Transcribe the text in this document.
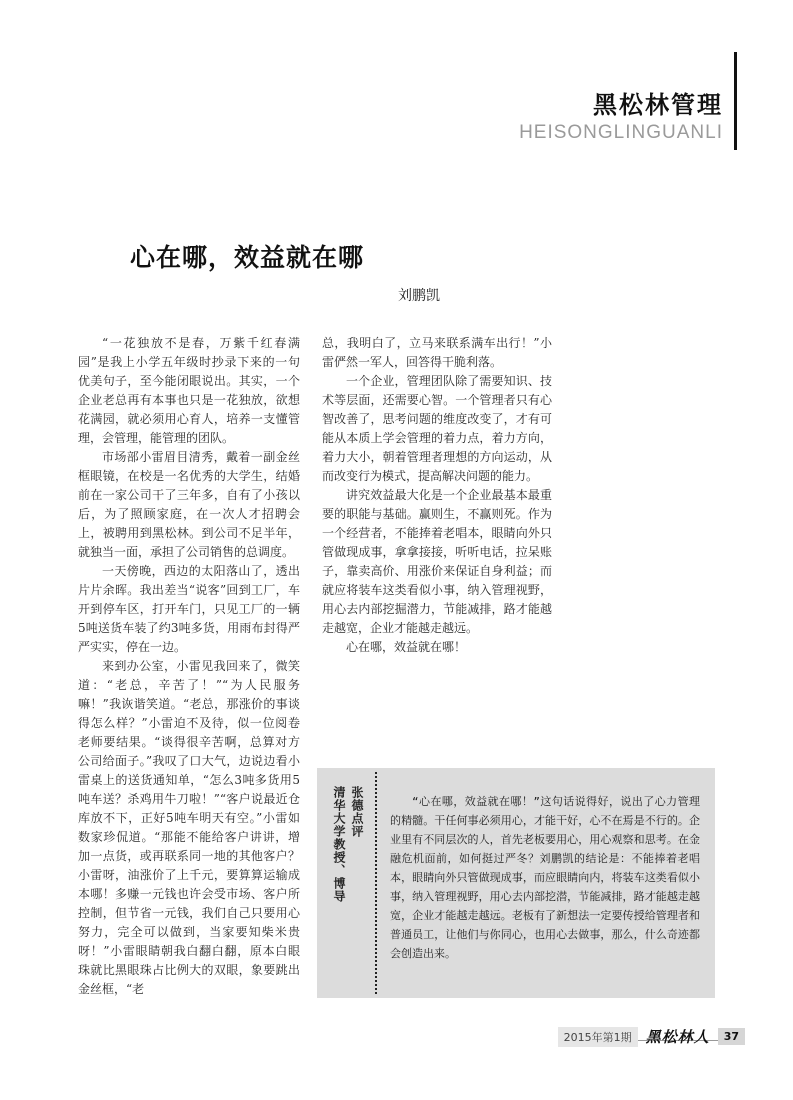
黑松林管理
HEISONGLINGUANLI
心在哪，效益就在哪
刘鹏凯

“一花独放不是春，万紫千红春满园”是我上小学五年级时抄录下来的一句优美句子，至今能闭眼说出。其实，一个企业老总再有本事也只是一花独放，欲想花满园，就必须用心育人，培养一支懂管理，会管理，能管理的团队。

市场部小雷眉目清秀，戴着一副金丝框眼镜，在校是一名优秀的大学生，结婚前在一家公司干了三年多，自有了小孩以后，为了照顾家庭，在一次人才招聘会上，被聘用到黑松林。到公司不足半年，就独当一面，承担了公司销售的总调度。

一天傍晚，西边的太阳落山了，透出片片余晖。我出差当“说客”回到工厂，车开到停车区，打开车门，只见工厂的一辆5吨送货车装了约3吨多货，用雨布封得严严实实，停在一边。

来到办公室，小雷见我回来了，微笑道：“老总，辛苦了！”“为人民服务嘛！”我诙谐笑道。“老总，那涨价的事谈得怎么样？”小雷迫不及待，似一位阅卷老师要结果。“谈得很辛苦啊，总算对方公司给面子。”我叹了口大气，边说边看小雷桌上的送货通知单，“怎么3吨多货用5吨车送？杀鸡用牛刀啦！”“客户说最近仓库放不下，正好5吨车明天有空。”小雷如数家珍侃道。“那能不能给客户讲讲，增加一点货，或再联系同一地的其他客户？小雷呀，油涨价了上千元，要算算运输成本哪！多赚一元钱也许会受市场、客户所控制，但节省一元钱，我们自己只要用心努力，完全可以做到，当家要知柴米贵呀！”小雷眼睛朝我白翻白翻，原本白眼珠就比黑眼珠占比例大的双眼，象要跳出金丝框，“老

总，我明白了，立马来联系满车出行！”小雷俨然一军人，回答得干脆利落。

一个企业，管理团队除了需要知识、技术等层面，还需要心智。一个管理者只有心智改善了，思考问题的维度改变了，才有可能从本质上学会管理的着力点，着力方向，着力大小，朝着管理者理想的方向运动，从而改变行为模式，提高解决问题的能力。

讲究效益最大化是一个企业最基本最重要的职能与基础。赢则生，不赢则死。作为一个经营者，不能捧着老唱本，眼睛向外只管做现成事，拿拿接接，听听电话，拉呆账子，靠卖高价、用涨价来保证自身利益；而就应将装车这类看似小事，纳入管理视野，用心去内部挖掘潜力，节能减排，路才能越走越宽，企业才能越走越远。

心在哪，效益就在哪！

张德点评
清华大学教授、博导	“心在哪，效益就在哪！”这句话说得好，说出了心力管理的精髓。干任何事必须用心，才能干好，心不在焉是不行的。企业里有不同层次的人，首先老板要用心，用心观察和思考。在金融危机面前，如何挺过严冬？刘鹏凯的结论是：不能捧着老唱本，眼睛向外只管做现成事，而应眼睛向内，将装车这类看似小事，纳入管理视野，用心去内部挖潜，节能减排，路才能越走越宽，企业才能越走越远。老板有了新想法一定要传授给管理者和普通员工，让他们与你同心，也用心去做事，那么，什么奇迹都会创造出来。

2015年第1期 黑松林人	37
